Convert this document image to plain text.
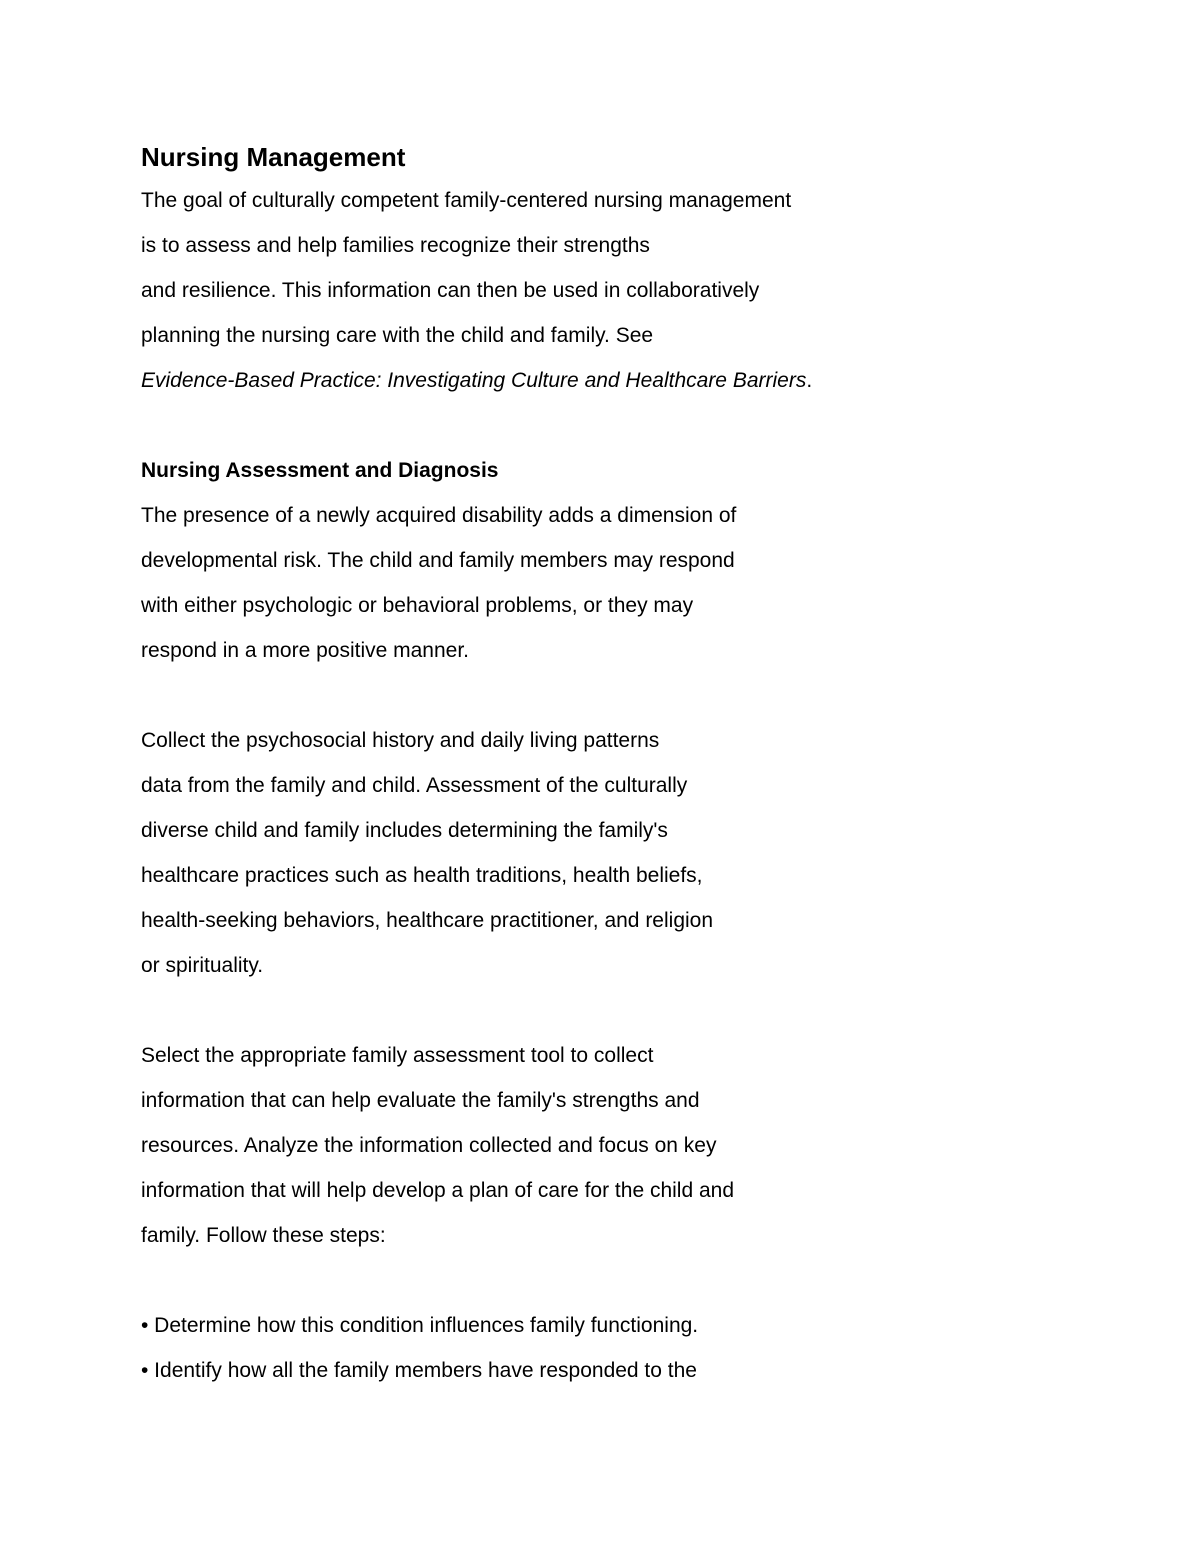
Nursing Management
The goal of culturally competent family-centered nursing management
is to assess and help families recognize their strengths
and resilience. This information can then be used in collaboratively
planning the nursing care with the child and family. See
Evidence-Based Practice: Investigating Culture and Healthcare Barriers.
Nursing Assessment and Diagnosis
The presence of a newly acquired disability adds a dimension of
developmental risk. The child and family members may respond
with either psychologic or behavioral problems, or they may
respond in a more positive manner.
Collect the psychosocial history and daily living patterns
data from the family and child. Assessment of the culturally
diverse child and family includes determining the family's
healthcare practices such as health traditions, health beliefs,
health-seeking behaviors, healthcare practitioner, and religion
or spirituality.
Select the appropriate family assessment tool to collect
information that can help evaluate the family's strengths and
resources. Analyze the information collected and focus on key
information that will help develop a plan of care for the child and
family. Follow these steps:
• Determine how this condition influences family functioning.
• Identify how all the family members have responded to the
